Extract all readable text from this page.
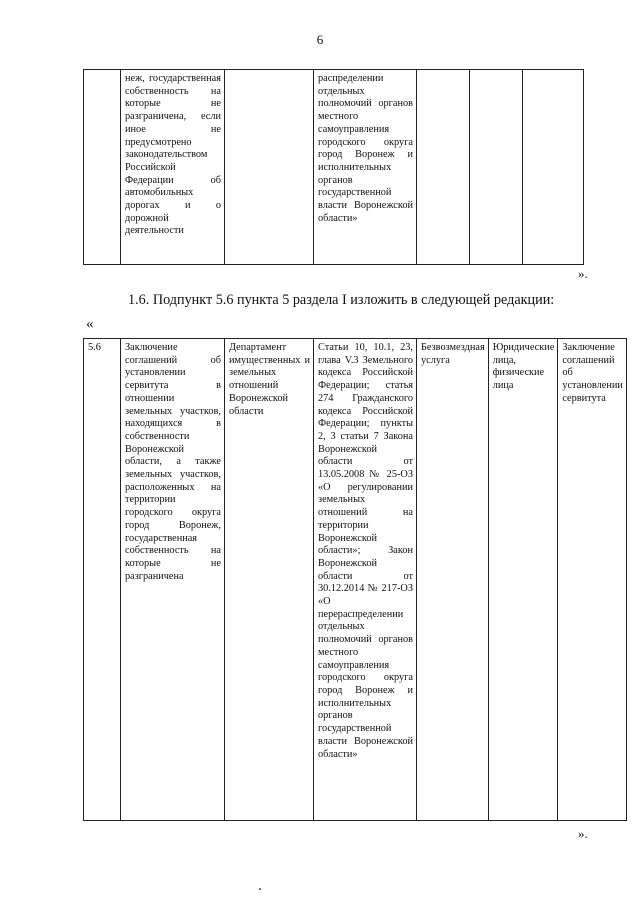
6
	нeж, государственная собственность на которые не разграничена, если иное не предусмотрено законодательством Российской Федерации об автомобильных дорогах и о дорожной деятельности		распределении отдельных полномочий органов местного самоуправления городского округа город Воронеж и исполнительных органов государственной власти Воронежской области»			
».
1.6. Подпункт 5.6 пункта 5 раздела I изложить в следующей редакции:
«
5.6	Заключение соглашений об установлении сервитута в отношении земельных участков, находящихся в собственности Воронежской области, а также земельных участков, расположенных на территории городского округа город Воронеж, государственная собственность на которые не разграничена	Департамент имущественных и земельных отношений Воронежской области	Статьи 10, 10.1, 23, глава V.3 Земельного кодекса Российской Федерации; статья 274 Гражданского кодекса Российской Федерации; пункты 2, 3 статьи 7 Закона Воронежской области от 13.05.2008 № 25-ОЗ «О регулировании земельных отношений на территории Воронежской области»; Закон Воронежской области от 30.12.2014 № 217-ОЗ «О перераспределении отдельных полномочий органов местного самоуправления городского округа город Воронеж и исполнительных органов государственной власти Воронежской области»	Безвозмездная услуга	Юридические лица, физические лица	Заключение соглашений об установлении сервитута
».
